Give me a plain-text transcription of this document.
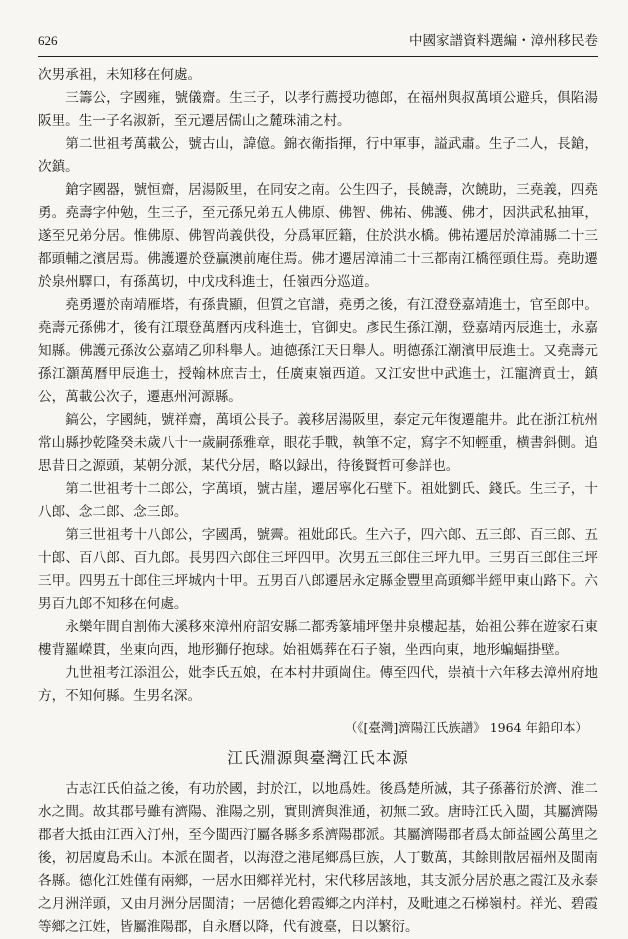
626	中國家譜資料選編・漳州移民卷

次男承祖，未知移在何處。

三籌公，字國雍，號儀齋。生三子，以孝行薦授功德郎，在福州與叔萬頃公避兵，俱陷湯阪里。生一子名淑新，至元遷居儒山之麓珠浦之村。

第二世祖考萬載公，號古山，諱億。錦衣衛指揮，行中軍事，謚武肅。生子二人，長鎗，次鎮。

鎗字國器，號恒齋，居湯阪里，在同安之南。公生四子，長饒壽，次饒助，三堯義，四堯勇。堯壽字仲勉，生三子，至元孫兄弟五人佛原、佛智、佛祐、佛護、佛才，因洪武私抽軍，遂至兄弟分居。惟佛原、佛智尚義供役，分爲軍匠籍，住於洪水橋。佛祐遷居於漳浦縣二十三都頭輔之濱居焉。佛護遷於登贏澳前庵住焉。佛才遷居漳浦二十三都南江橋徑頭住焉。堯助遷於泉州驛口，有孫萬切，中戊戌科進士，任嶺西分巡道。

堯勇遷於南靖雁塔，有孫貴顯，但質之官譜，堯勇之後，有江澄登嘉靖進士，官至郎中。堯壽元孫佛才，後有江環登萬曆丙戌科進士，官御史。彥民生孫江潮，登嘉靖丙辰進士，永嘉知縣。佛護元孫汝公嘉靖乙卯科舉人。迪德孫江天日舉人。明德孫江潮濱甲辰進士。又堯壽元孫江灝萬曆甲辰進士，授翰林庶吉士，任廣東嶺西道。又江安世中武進士，江寵濟貢士，鎮公，萬載公次子，遷惠州河源縣。

鎬公，字國純，號祥齋，萬頃公長子。義移居湯阪里，泰定元年復遷龍井。此在浙江杭州常山縣抄乾隆癸未歲八十一歲嗣孫雅章，眼花手戰，執筆不定，寫字不知輕重，横書斜側。追思昔日之源頭，某朝分派，某代分居，略以録出，待後賢哲可參詳也。

第二世祖考十二郎公，字萬頃，號古崖，遷居寧化石壁下。祖妣劉氏、錢氏。生三子，十八郎、念二郎、念三郎。

第三世祖考十八郎公，字國禹，號霽。祖妣邱氏。生六子，四六郎、五三郎、百三郎、五十郎、百八郎、百九郎。長男四六郎住三坪四甲。次男五三郎住三坪九甲。三男百三郎住三坪三甲。四男五十郎住三坪城内十甲。五男百八郎遷居永定縣金豐里高頭鄉半經甲東山路下。六男百九郎不知移在何處。

永樂年間自割佈大溪移來漳州府詔安縣二都秀篆埔坪堡井泉樓起基，始祖公葬在遊家石東樓背羅嶸貫，坐東向西，地形獅仔抱球。始祖媽葬在石子嶺，坐西向東，地形蝙蝠掛壁。

九世祖考江添沮公，妣李氏五娘，在本村井頭崗住。傳至四代，崇禎十六年移去漳州府地方，不知何縣。生男名深。

（《[臺灣]濟陽江氏族譜》 1964 年鉛印本）
江氏淵源與臺灣江氏本源

古志江氏伯益之後，有功於國，封於江，以地爲姓。後爲楚所滅，其子孫蕃衍於濟、淮二水之間。故其郡号雖有濟陽、淮陽之别，實則濟與淮通，初無二致。唐時江氏入閩，其屬濟陽郡者大抵由江西入汀州，至今閩西汀屬各縣多系濟陽郡派。其屬濟陽郡者爲太師益國公萬里之後，初居廈島禾山。本派在閩者，以海澄之港尾鄉爲巨族，人丁數萬，其餘則散居福州及閩南各縣。德化江姓僅有兩鄉，一居水田鄉祥光村，宋代移居該地，其支派分居於惠之霞江及永泰之月洲洋頭，又由月洲分居閩清；一居德化碧霞鄉之内洋村，及毗連之石梯嶺村。祥光、碧霞等鄉之江姓，皆屬淮陽郡，自永曆以降，代有渡臺，日以繁衍。
